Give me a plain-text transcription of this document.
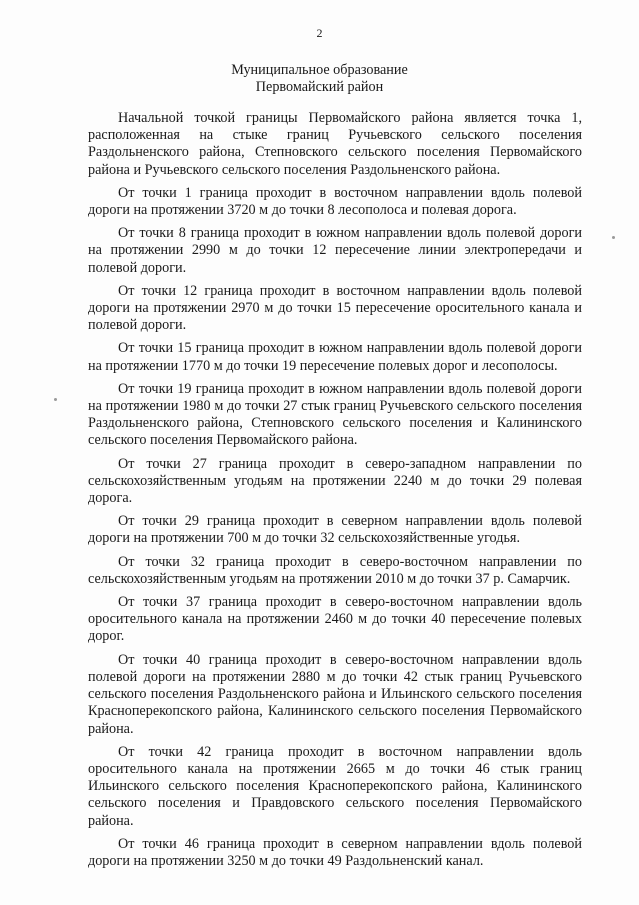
2
Муниципальное образование
Первомайский район

Начальной точкой границы Первомайского района является точка 1, расположенная на стыке границ Ручьевского сельского поселения Раздольненского района, Степновского сельского поселения Первомайского района и Ручьевского сельского поселения Раздольненского района.

От точки 1 граница проходит в восточном направлении вдоль полевой дороги на протяжении 3720 м до точки 8 лесополоса и полевая дорога.

От точки 8 граница проходит в южном направлении вдоль полевой дороги на протяжении 2990 м до точки 12 пересечение линии электропередачи и полевой дороги.

От точки 12 граница проходит в восточном направлении вдоль полевой дороги на протяжении 2970 м до точки 15 пересечение оросительного канала и полевой дороги.

От точки 15 граница проходит в южном направлении вдоль полевой дороги на протяжении 1770 м до точки 19 пересечение полевых дорог и лесополосы.

От точки 19 граница проходит в южном направлении вдоль полевой дороги на протяжении 1980 м до точки 27 стык границ Ручьевского сельского поселения Раздольненского района, Степновского сельского поселения и Калининского сельского поселения Первомайского района.

От точки 27 граница проходит в северо-западном направлении по сельскохозяйственным угодьям на протяжении 2240 м до точки 29 полевая дорога.

От точки 29 граница проходит в северном направлении вдоль полевой дороги на протяжении 700 м до точки 32 сельскохозяйственные угодья.

От точки 32 граница проходит в северо-восточном направлении по сельскохозяйственным угодьям на протяжении 2010 м до точки 37 р. Самарчик.

От точки 37 граница проходит в северо-восточном направлении вдоль оросительного канала на протяжении 2460 м до точки 40 пересечение полевых дорог.

От точки 40 граница проходит в северо-восточном направлении вдоль полевой дороги на протяжении 2880 м до точки 42 стык границ Ручьевского сельского поселения Раздольненского района и Ильинского сельского поселения Красноперекопского района, Калининского сельского поселения Первомайского района.

От точки 42 граница проходит в восточном направлении вдоль оросительного канала на протяжении 2665 м до точки 46 стык границ Ильинского сельского поселения Красноперекопского района, Калининского сельского поселения и Правдовского сельского поселения Первомайского района.

От точки 46 граница проходит в северном направлении вдоль полевой дороги на протяжении 3250 м до точки 49 Раздольненский канал.
